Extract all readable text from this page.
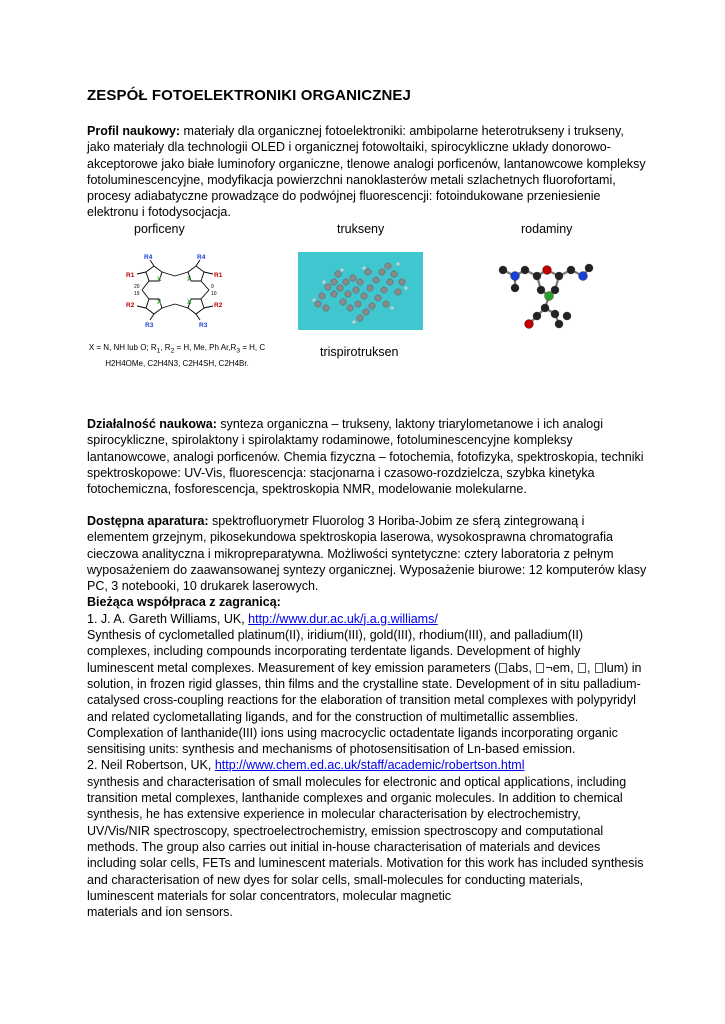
ZESPÓŁ FOTOELEKTRONIKI ORGANICZNEJ

Profil naukowy: materiały dla organicznej fotoelektroniki: ambipolarne heterotrukseny i trukseny, jako materiały dla technologii OLED i organicznej fotowoltaiki, spirocykliczne układy donorowo-akceptorowe jako białe luminofory organiczne, tlenowe analogi porficenów, lantanowcowe kompleksy fotoluminescencyjne, modyfikacja powierzchni nanoklasterów metali szlachetnych fluorofortami, procesy adiabatyczne prowadzące do podwójnej fluorescencji: fotoindukowane przeniesienie elektronu i fotodysocjacja.

porficeny	trukseny	rodaminy
R4	R4
R1	R1
R2	R2
R3	R3
X	X
X	X
20
19
9
10
X = N, NH lub O; $R_1$, $R_2 = H$, Me, Ph $Ar,R_3 = H$, C
H2H4OMe, C2H4N3, C2H4SH, C2H4Br.
trispirotruksen

Działalność naukowa: synteza organiczna – trukseny, laktony triarylometanowe i ich analogi spirocykliczne, spirolaktony i spirolaktamy rodaminowe, fotoluminescencyjne kompleksy lantanowcowe, analogi porficenów. Chemia fizyczna – fotochemia, fotofizyka, spektroskopia, techniki spektroskopowe: UV-Vis, fluorescencja: stacjonarna i czasowo-rozdzielcza, szybka kinetyka fotochemiczna, fosforescencja, spektroskopia NMR, modelowanie molekularne.

Dostępna aparatura: spektrofluorymetr Fluorolog 3 Horiba-Jobim ze sferą zintegrowaną i elementem grzejnym, pikosekundowa spektroskopia laserowa, wysokosprawna chromatografia cieczowa analityczna i mikropreparatywna. Możliwości syntetyczne: cztery laboratoria z pełnym wyposażeniem do zaawansowanej syntezy organicznej. Wyposażenie biurowe: 12 komputerów klasy PC, 3 notebooki, 10 drukarek laserowych.

Bieżąca współpraca z zagranicą:

1. J. A. Gareth Williams, UK, http://www.dur.ac.uk/j.a.g.williams/

Synthesis of cyclometalled platinum(II), iridium(III), gold(III), rhodium(III), and palladium(II) complexes, including compounds incorporating terdentate ligands. Development of highly luminescent metal complexes. Measurement of key emission parameters ( abs, ¬em, , lum) in solution, in frozen rigid glasses, thin films and the crystalline state. Development of in situ palladium-catalysed cross-coupling reactions for the elaboration of transition metal complexes with polypyridyl and related cyclometallating ligands, and for the construction of multimetallic assemblies. Complexation of lanthanide(III) ions using macrocyclic octadentate ligands incorporating organic sensitising units: synthesis and mechanisms of photosensitisation of Ln-based emission.

2. Neil Robertson, UK, http://www.chem.ed.ac.uk/staff/academic/robertson.html

synthesis and characterisation of small molecules for electronic and optical applications, including transition metal complexes, lanthanide complexes and organic molecules. In addition to chemical synthesis, he has extensive experience in molecular characterisation by electrochemistry, UV/Vis/NIR spectroscopy, spectroelectrochemistry, emission spectroscopy and computational methods. The group also carries out initial in-house characterisation of materials and devices including solar cells, FETs and luminescent materials. Motivation for this work has included synthesis and characterisation of new dyes for solar cells, small-molecules for conducting materials, luminescent materials for solar concentrators, molecular magnetic

materials and ion sensors.
